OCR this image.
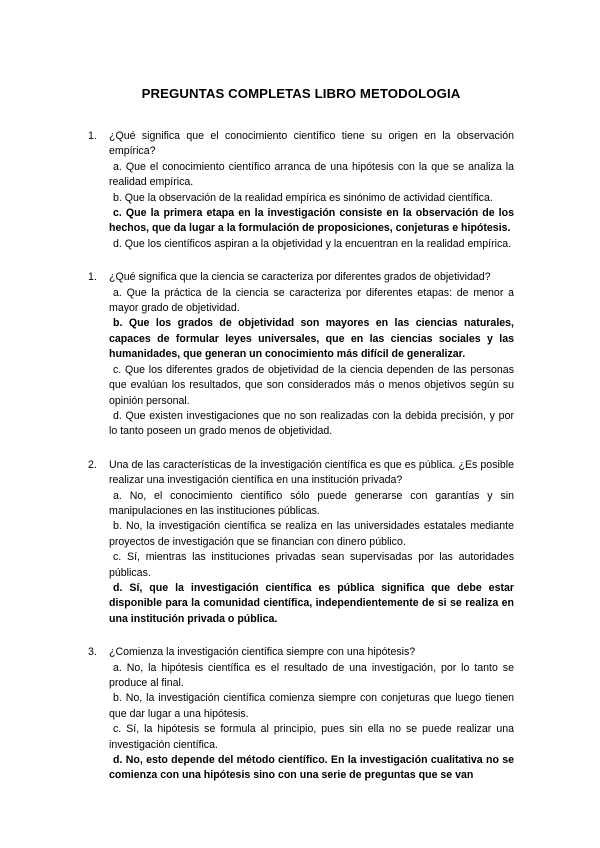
PREGUNTAS COMPLETAS LIBRO METODOLOGIA
1.	¿Qué significa que el conocimiento científico tiene su origen en la observación empírica?
a. Que el conocimiento científico arranca de una hipótesis con la que se analiza la realidad empírica.
b. Que la observación de la realidad empírica es sinónimo de actividad científica.
c. Que la primera etapa en la investigación consiste en la observación de los hechos, que da lugar a la formulación de proposiciones, conjeturas e hipótesis.
d. Que los científicos aspiran a la objetividad y la encuentran en la realidad empírica.
1.	¿Qué significa que la ciencia se caracteriza por diferentes grados de objetividad?
a. Que la práctica de la ciencia se caracteriza por diferentes etapas: de menor a mayor grado de objetividad.
b. Que los grados de objetividad son mayores en las ciencias naturales, capaces de formular leyes universales, que en las ciencias sociales y las humanidades, que generan un conocimiento más difícil de generalizar.
c. Que los diferentes grados de objetividad de la ciencia dependen de las personas que evalúan los resultados, que son considerados más o menos objetivos según su opinión personal.
d. Que existen investigaciones que no son realizadas con la debida precisión, y por lo tanto poseen un grado menos de objetividad.
2.	Una de las características de la investigación científica es que es pública. ¿Es posible realizar una investigación científica en una institución privada?
a. No, el conocimiento científico sólo puede generarse con garantías y sin manipulaciones en las instituciones públicas.
b. No, la investigación científica se realiza en las universidades estatales mediante proyectos de investigación que se financian con dinero público.
c. Sí, mientras las instituciones privadas sean supervisadas por las autoridades públicas.
d. Sí, que la investigación científica es pública significa que debe estar disponible para la comunidad científica, independientemente de si se realiza en una institución privada o pública.
3.	¿Comienza la investigación científica siempre con una hipótesis?
a. No, la hipótesis científica es el resultado de una investigación, por lo tanto se produce al final.
b. No, la investigación científica comienza siempre con conjeturas que luego tienen que dar lugar a una hipótesis.
c. Sí, la hipótesis se formula al principio, pues sin ella no se puede realizar una investigación científica.
d. No, esto depende del método científico. En la investigación cualitativa no se comienza con una hipótesis sino con una serie de preguntas que se van
